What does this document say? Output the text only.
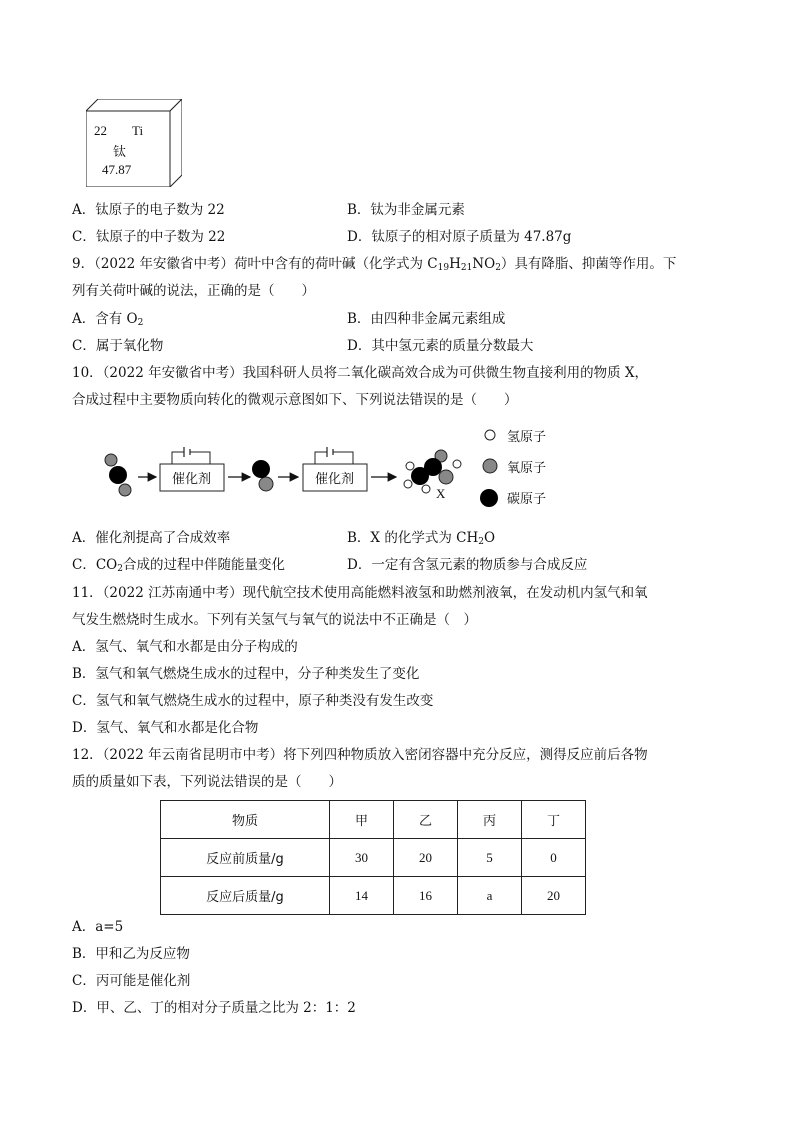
22 Ti
钛
47.87
A．钛原子的电子数为 22	B．钛为非金属元素
C．钛原子的中子数为 22	D．钛原子的相对原子质量为 47.87g
9．（2022 年安徽省中考）荷叶中含有的荷叶碱（化学式为 $C_{19}H_{21}NO_2$）具有降脂、抑菌等作用。下
列有关荷叶碱的说法，正确的是（　　）
A．含有 $O_2$	B．由四种非金属元素组成
C．属于氧化物	D．其中氢元素的质量分数最大
10．（2022 年安徽省中考）我国科研人员将二氧化碳高效合成为可供微生物直接利用的物质 X，
合成过程中主要物质向转化的微观示意图如下、下列说法错误的是（　　）
催化剂	催化剂
X
氢原子
氧原子
碳原子
A．催化剂提高了合成效率	B．X 的化学式为 $CH_2O$
C．$CO_2$合成的过程中伴随能量变化	D．一定有含氢元素的物质参与合成反应
11．（2022 江苏南通中考）现代航空技术使用高能燃料液氢和助燃剂液氧，在发动机内氢气和氧
气发生燃烧时生成水。下列有关氢气与氧气的说法中不正确是（　）
A．氢气、氧气和水都是由分子构成的
B．氢气和氧气燃烧生成水的过程中，分子种类发生了变化
C．氢气和氧气燃烧生成水的过程中，原子种类没有发生改变
D．氢气、氧气和水都是化合物
12．（2022 年云南省昆明市中考）将下列四种物质放入密闭容器中充分反应，测得反应前后各物
质的质量如下表，下列说法错误的是（　　）
物质	甲	乙	丙	丁
反应前质量/g	30	20	5	0
反应后质量/g	14	16	a	20
A．a=5
B．甲和乙为反应物
C．丙可能是催化剂
D．甲、乙、丁的相对分子质量之比为 2：1：2
